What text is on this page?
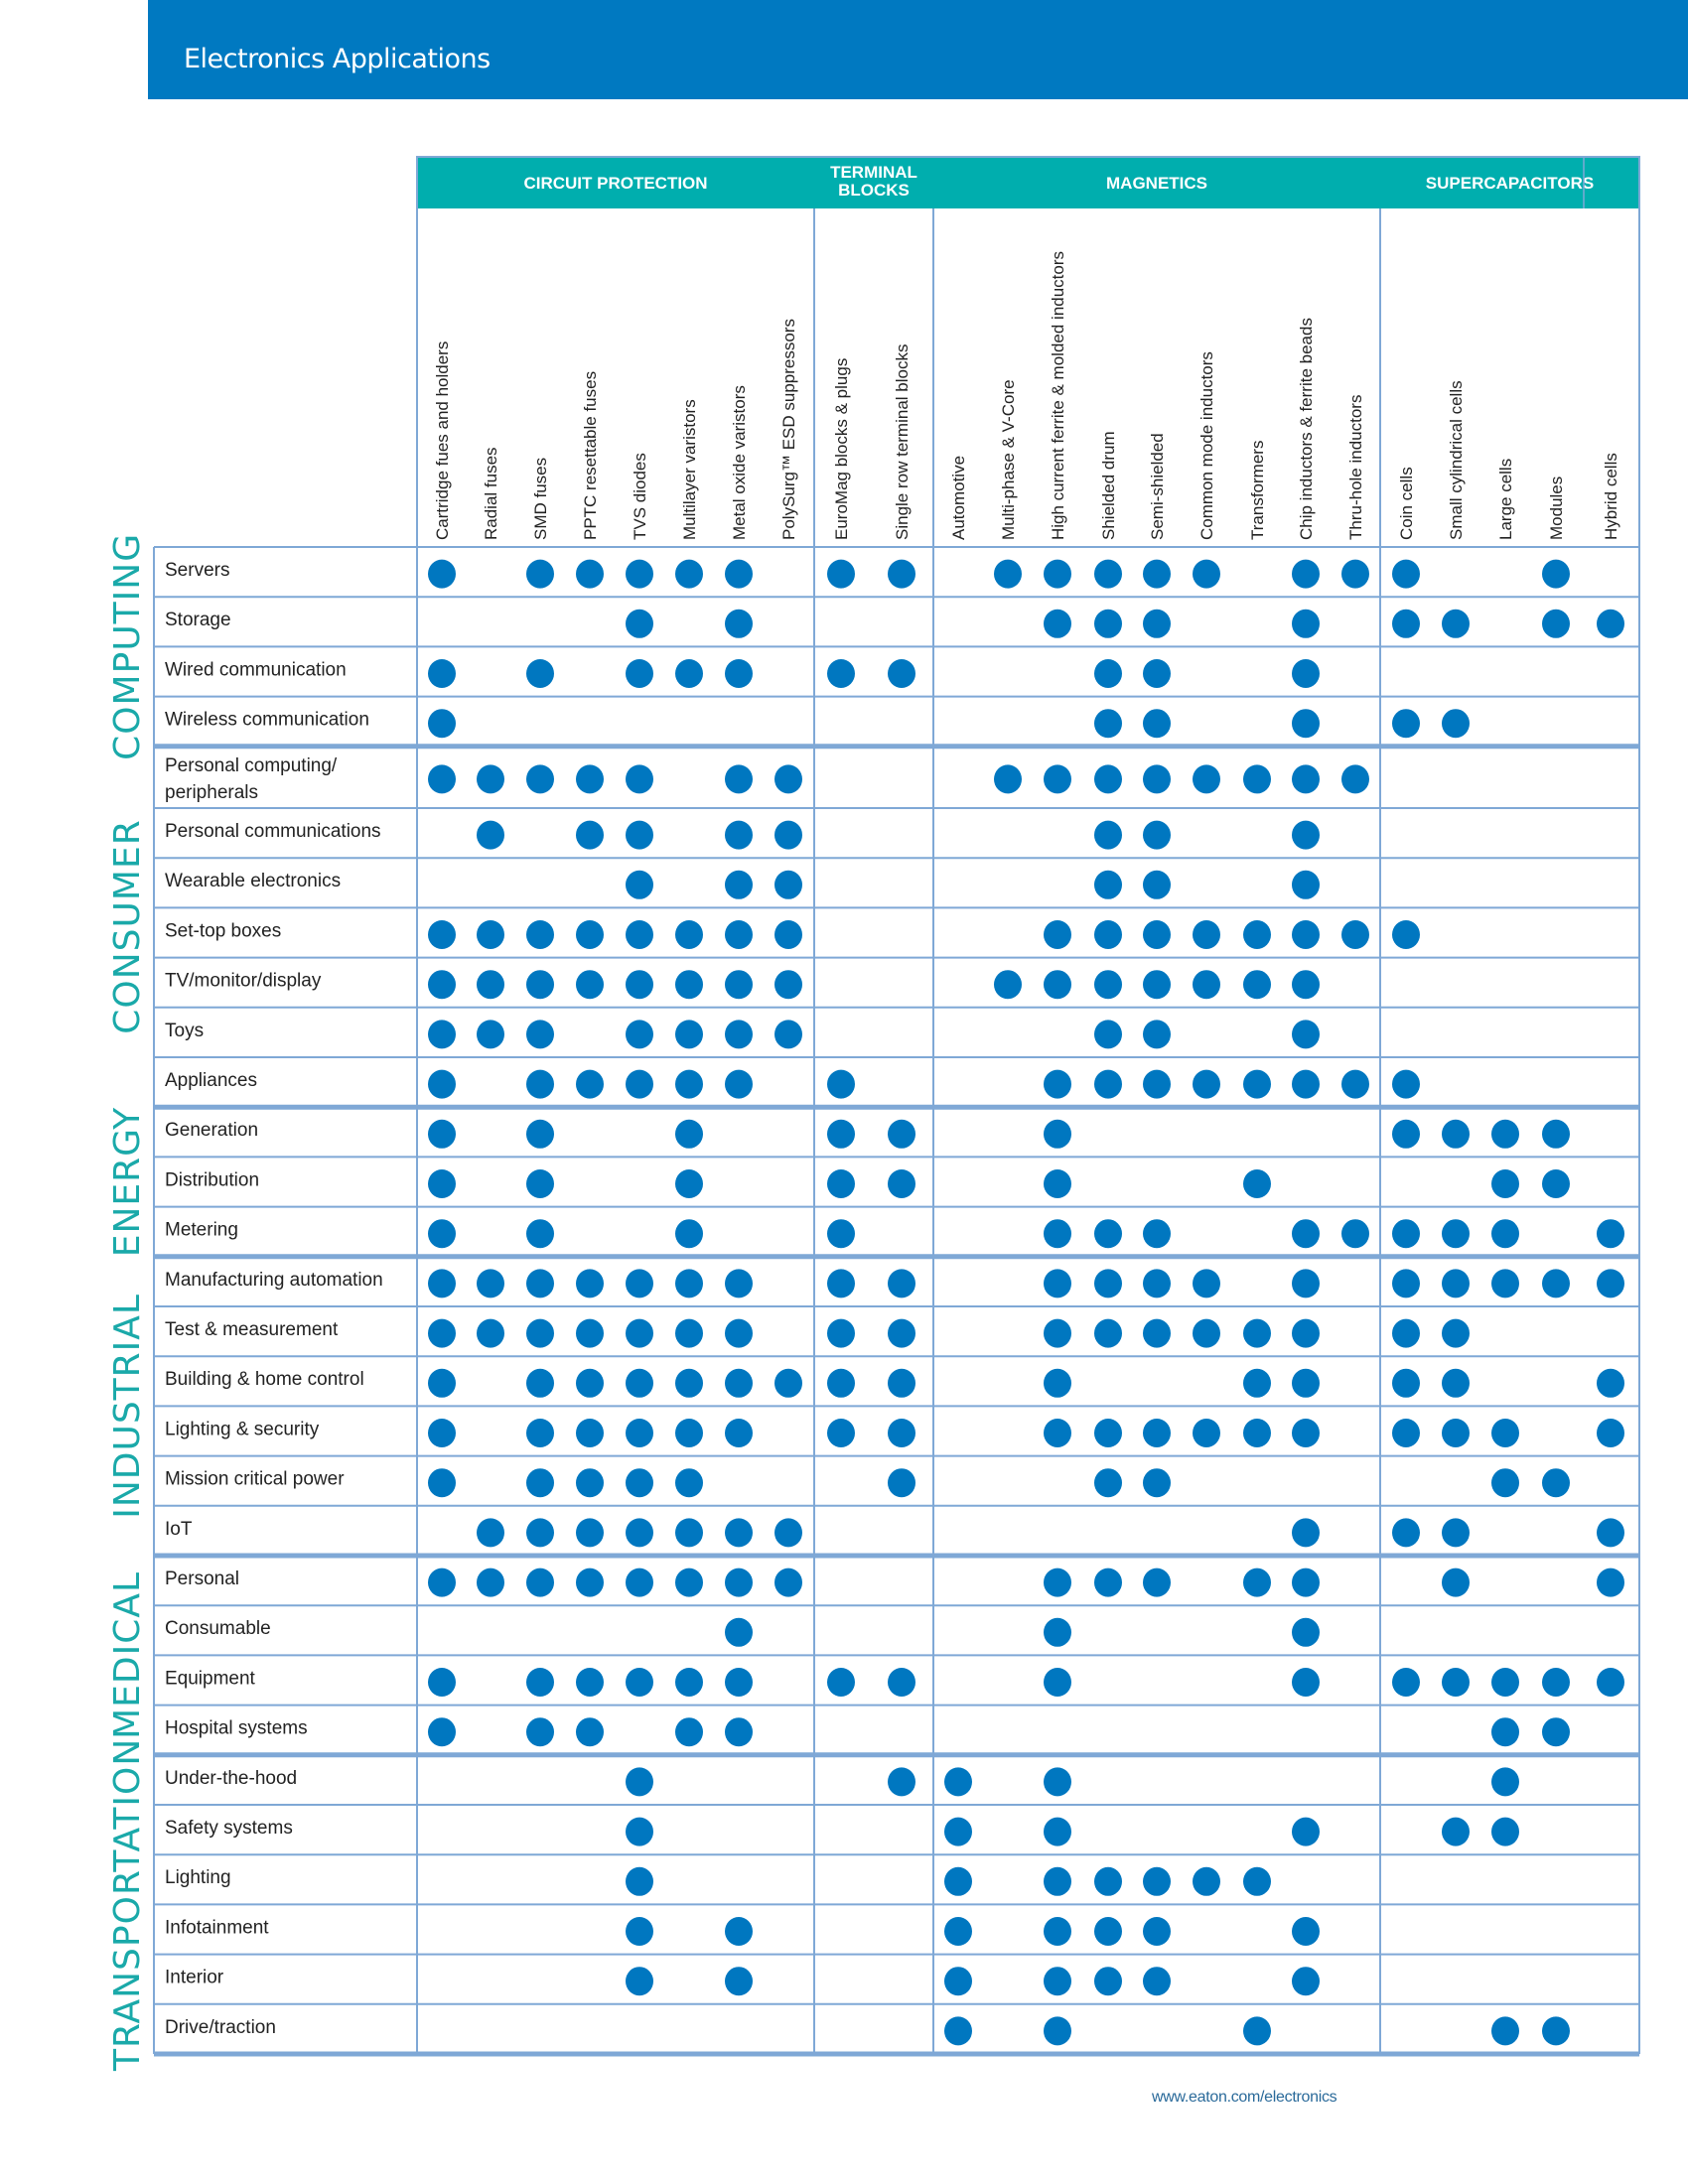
Electronics Applications
CIRCUIT PROTECTION
TERMINAL
BLOCKS	MAGNETICS	SUPERCAPACITORS
Cartridge fues and holders Radial fuses SMD fuses PPTC resettable fuses TVS diodes Multilayer varistors Metal oxide varistors PolySurg™ ESD suppressors EuroMag blocks & plugs Single row terminal blocks Automotive Multi-phase & V-Core High current ferrite & molded inductors Shielded drum Semi-shielded Common mode inductors Transformers Chip inductors & ferrite beads Thru-hole inductors Coin cells Small cylindrical cells Large cells Modules Hybrid cells
Servers
Storage
Wired communication
Wireless communication
Personal computing/
peripherals
Personal communications
Wearable electronics
Set-top boxes
TV/monitor/display
Toys
Appliances
Generation
Distribution
Metering
Manufacturing automation
Test & measurement
Building & home control
Lighting & security
Mission critical power
IoT
Personal
Consumable
Equipment
Hospital systems
Under-the-hood
Safety systems
Lighting
Infotainment
Interior
Drive/traction
COMPUTING
CONSUMER
ENERGY
INDUSTRIAL
MEDICAL
TRANSPORTATION
www.eaton.com/electronics
